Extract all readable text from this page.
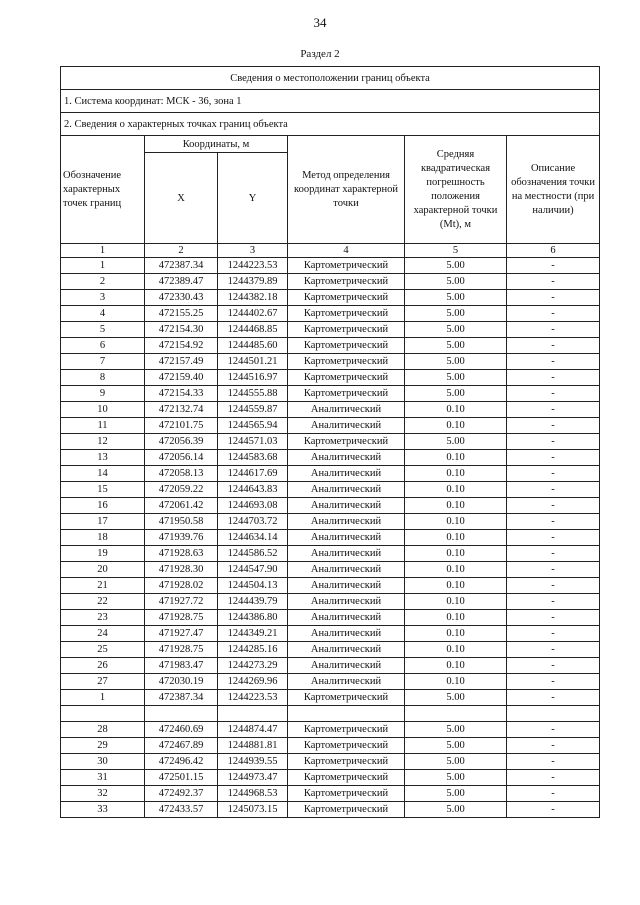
34
Раздел 2
Сведения о местоположении границ объекта					
1. Система координат: МСК - 36, зона 1					
2. Сведения о характерных точках границ объекта					
Обозначение характерных точек границ	Координаты, м		Метод определения координат характерной точки	Средняя квадратическая погрешность положения характерной точки (Mt), м	Описание обозначения точки на местности (при наличии)
	X	Y			
1	2	3	4	5	6
1	472387.34	1244223.53	Картометрический	5.00	-
2	472389.47	1244379.89	Картометрический	5.00	-
3	472330.43	1244382.18	Картометрический	5.00	-
4	472155.25	1244402.67	Картометрический	5.00	-
5	472154.30	1244468.85	Картометрический	5.00	-
6	472154.92	1244485.60	Картометрический	5.00	-
7	472157.49	1244501.21	Картометрический	5.00	-
8	472159.40	1244516.97	Картометрический	5.00	-
9	472154.33	1244555.88	Картометрический	5.00	-
10	472132.74	1244559.87	Аналитический	0.10	-
11	472101.75	1244565.94	Аналитический	0.10	-
12	472056.39	1244571.03	Картометрический	5.00	-
13	472056.14	1244583.68	Аналитический	0.10	-
14	472058.13	1244617.69	Аналитический	0.10	-
15	472059.22	1244643.83	Аналитический	0.10	-
16	472061.42	1244693.08	Аналитический	0.10	-
17	471950.58	1244703.72	Аналитический	0.10	-
18	471939.76	1244634.14	Аналитический	0.10	-
19	471928.63	1244586.52	Аналитический	0.10	-
20	471928.30	1244547.90	Аналитический	0.10	-
21	471928.02	1244504.13	Аналитический	0.10	-
22	471927.72	1244439.79	Аналитический	0.10	-
23	471928.75	1244386.80	Аналитический	0.10	-
24	471927.47	1244349.21	Аналитический	0.10	-
25	471928.75	1244285.16	Аналитический	0.10	-
26	471983.47	1244273.29	Аналитический	0.10	-
27	472030.19	1244269.96	Аналитический	0.10	-
1	472387.34	1244223.53	Картометрический	5.00	-

28	472460.69	1244874.47	Картометрический	5.00	-
29	472467.89	1244881.81	Картометрический	5.00	-
30	472496.42	1244939.55	Картометрический	5.00	-
31	472501.15	1244973.47	Картометрический	5.00	-
32	472492.37	1244968.53	Картометрический	5.00	-
33	472433.57	1245073.15	Картометрический	5.00	-
